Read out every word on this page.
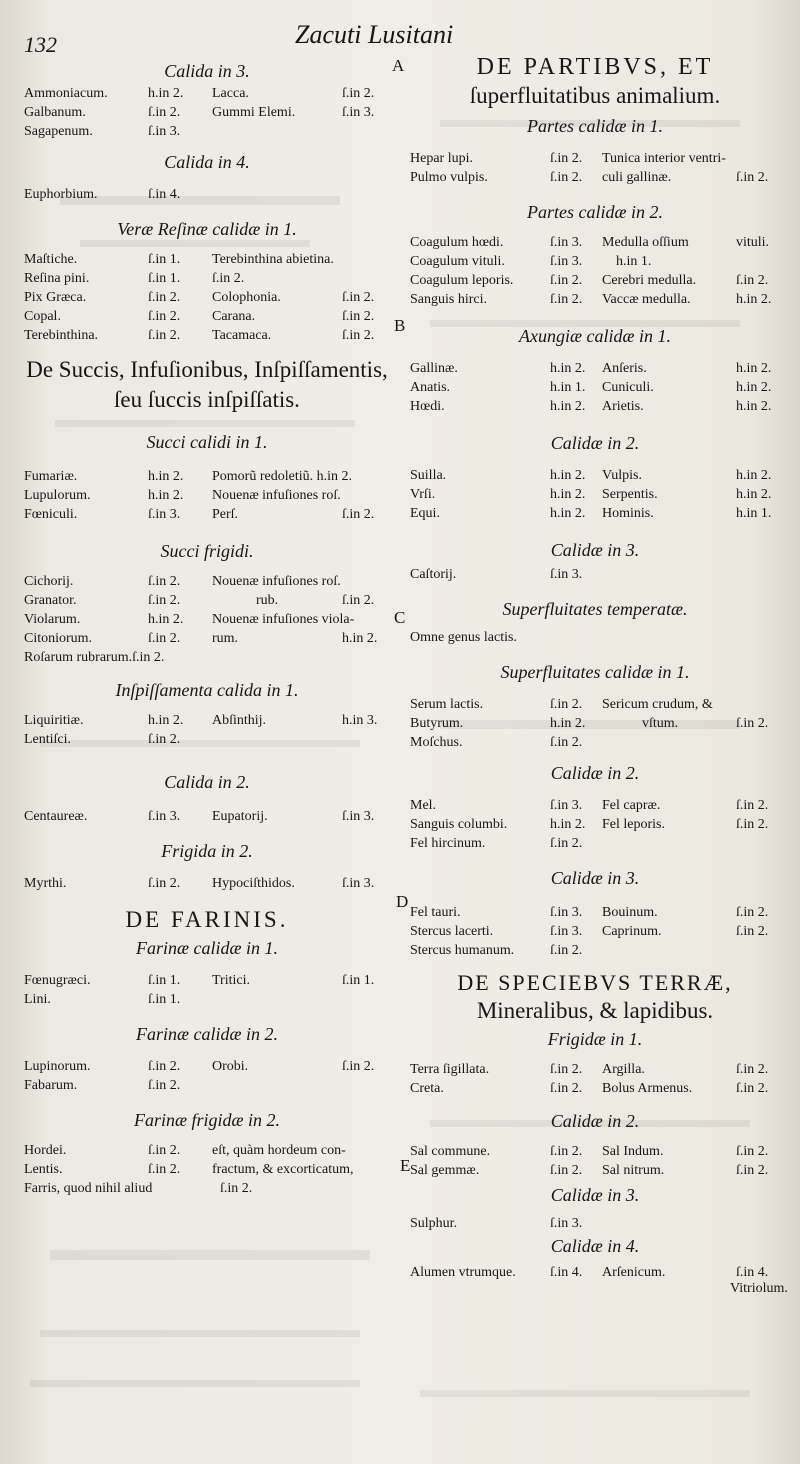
132	Zacuti Lusitani
A
B
C
D
E
Calida in 3.
Ammoniacum.	h.in 2. Lacca.	ſ.in 2.
Galbanum.	ſ.in 2. Gummi Elemi.	ſ.in 3.
Sagapenum.	ſ.in 3.
Calida in 4.
Euphorbium.	ſ.in 4.
Veræ Reſinæ calidæ in 1.
Maſtiche.	ſ.in 1. Terebinthina abietina.
Reſina pini.	ſ.in 1. ſ.in 2.
Pix Græca.	ſ.in 2. Colophonia.	ſ.in 2.
Copal.	ſ.in 2. Carana.	ſ.in 2.
Terebinthina.	ſ.in 2. Tacamaca.	ſ.in 2.
De Succis, Infuſionibus, Inſpiſſamentis,
ſeu ſuccis inſpiſſatis.
Succi calidi in 1.
Fumariæ.	h.in 2. Pomorũ redoletiũ. h.in 2.
Lupulorum.	h.in 2. Nouenæ infuſiones roſ.
Fœniculi.	ſ.in 3. Perſ.	ſ.in 2.
Succi frigidi.
Cichorij.	ſ.in 2. Nouenæ infuſiones roſ.
Granator.	ſ.in 2.	rub.	ſ.in 2.
Violarum.	h.in 2. Nouenæ infuſiones viola-
Citoniorum.	ſ.in 2. rum.	h.in 2.
Roſarum rubrarum.ſ.in 2.
Inſpiſſamenta calida in 1.
Liquiritiæ.	h.in 2. Abſinthij.	h.in 3.
Lentiſci.	ſ.in 2.
Calida in 2.
Centaureæ.	ſ.in 3. Eupatorij.	ſ.in 3.
Frigida in 2.
Myrthi.	ſ.in 2. Hypociſthidos.	ſ.in 3.
DE FARINIS.
Farinæ calidæ in 1.
Fœnugræci.	ſ.in 1. Tritici.	ſ.in 1.
Lini.	ſ.in 1.
Farinæ calidæ in 2.
Lupinorum.	ſ.in 2. Orobi.	ſ.in 2.
Fabarum.	ſ.in 2.
Farinæ frigidæ in 2.
Hordei.	ſ.in 2. eſt, quàm hordeum con-
Lentis.	ſ.in 2. fractum, & excorticatum,
Farris, quod nihil aliud	ſ.in 2.
DE PARTIBVS, ET
ſuperfluitatibus animalium.
Partes calidæ in 1.
Hepar lupi.	ſ.in 2. Tunica interior ventri-
Pulmo vulpis.	ſ.in 2. culi gallinæ.	ſ.in 2.
Partes calidæ in 2.
Coagulum hœdi.	ſ.in 3. Medulla oſſium	vituli.
Coagulum vituli.	ſ.in 3. h.in 1.
Coagulum leporis.	ſ.in 2. Cerebri medulla.	ſ.in 2.
Sanguis hirci.	ſ.in 2. Vaccæ medulla.	h.in 2.
Axungiæ calidæ in 1.
Gallinæ.	h.in 2. Anſeris.	h.in 2.
Anatis.	h.in 1. Cuniculi.	h.in 2.
Hœdi.	h.in 2. Arietis.	h.in 2.
Calidæ in 2.
Suilla.	h.in 2. Vulpis.	h.in 2.
Vrſi.	h.in 2. Serpentis.	h.in 2.
Equi.	h.in 2. Hominis.	h.in 1.
Calidæ in 3.
Caſtorij.	ſ.in 3.
Superfluitates temperatæ.
Omne genus lactis.
Superfluitates calidæ in 1.
Serum lactis.	ſ.in 2. Sericum crudum, &
Butyrum.	h.in 2.	vſtum.	ſ.in 2.
Moſchus.	ſ.in 2.
Calidæ in 2.
Mel.	ſ.in 3. Fel capræ.	ſ.in 2.
Sanguis columbi.	h.in 2. Fel leporis.	ſ.in 2.
Fel hircinum.	ſ.in 2.
Calidæ in 3.
Fel tauri.	ſ.in 3. Bouinum.	ſ.in 2.
Stercus lacerti.	ſ.in 3. Caprinum.	ſ.in 2.
Stercus humanum.	ſ.in 2.
DE SPECIEBVS TERRÆ,
Mineralibus, & lapidibus.
Frigidæ in 1.
Terra ſigillata.	ſ.in 2. Argilla.	ſ.in 2.
Creta.	ſ.in 2. Bolus Armenus.	ſ.in 2.
Calidæ in 2.
Sal commune.	ſ.in 2. Sal Indum.	ſ.in 2.
Sal gemmæ.	ſ.in 2. Sal nitrum.	ſ.in 2.
Calidæ in 3.
Sulphur.	ſ.in 3.
Calidæ in 4.
Alumen vtrumque. ſ.in 4. Arſenicum.	ſ.in 4.
Vitriolum.
